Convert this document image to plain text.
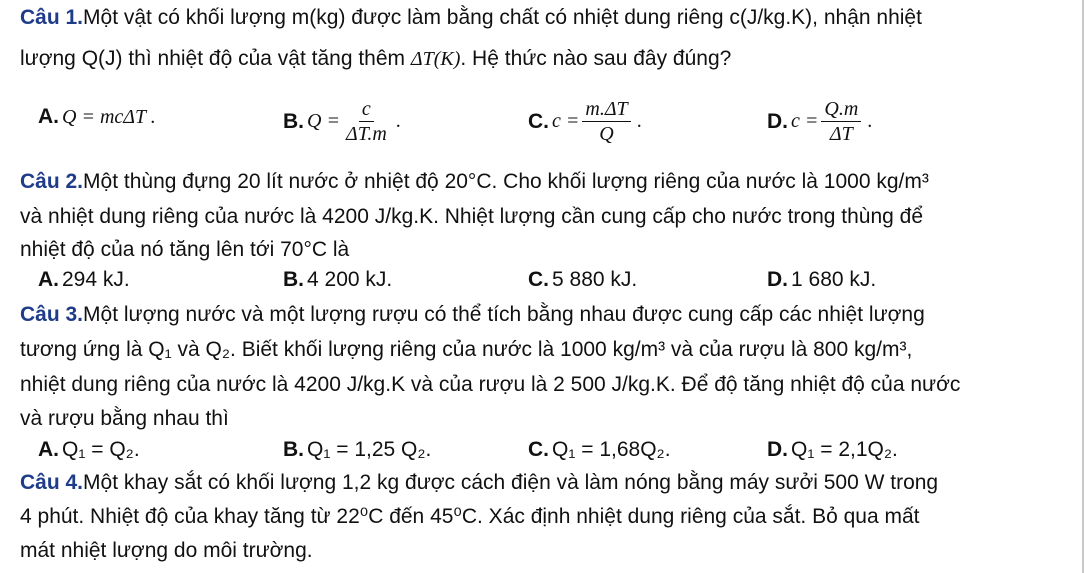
Câu 1.Một vật có khối lượng m(kg) được làm bằng chất có nhiệt dung riêng c(J/kg.K), nhận nhiệt
lượng Q(J) thì nhiệt độ của vật tăng thêm ΔT(K). Hệ thức nào sau đây đúng?
A. Q = mcΔT .	B. $Q = \frac{c}{\Delta T.m}$ .	C. $c = \frac{m.\Delta T}{Q}$ .	D. $c = \frac{Q.m}{\Delta T}$ .
Câu 2.Một thùng đựng 20 lít nước ở nhiệt độ 20°C. Cho khối lượng riêng của nước là 1000 kg/m³
và nhiệt dung riêng của nước là 4200 J/kg.K. Nhiệt lượng cần cung cấp cho nước trong thùng để
nhiệt độ của nó tăng lên tới 70°C là
A. 294 kJ.	B. 4 200 kJ.	C. 5 880 kJ.	D. 1 680 kJ.
Câu 3.Một lượng nước và một lượng rượu có thể tích bằng nhau được cung cấp các nhiệt lượng
tương ứng là Q₁ và Q₂. Biết khối lượng riêng của nước là 1000 kg/m³ và của rượu là 800 kg/m³,
nhiệt dung riêng của nước là 4200 J/kg.K và của rượu là 2 500 J/kg.K. Để độ tăng nhiệt độ của nước
và rượu bằng nhau thì
A. Q₁ = Q₂.	B. Q₁ = 1,25 Q₂.	C. Q₁ = 1,68Q₂.	D. Q₁ = 2,1Q₂.
Câu 4.Một khay sắt có khối lượng 1,2 kg được cách điện và làm nóng bằng máy sưởi 500 W trong
4 phút. Nhiệt độ của khay tăng từ 22⁰C đến 45⁰C. Xác định nhiệt dung riêng của sắt. Bỏ qua mất
mát nhiệt lượng do môi trường.
